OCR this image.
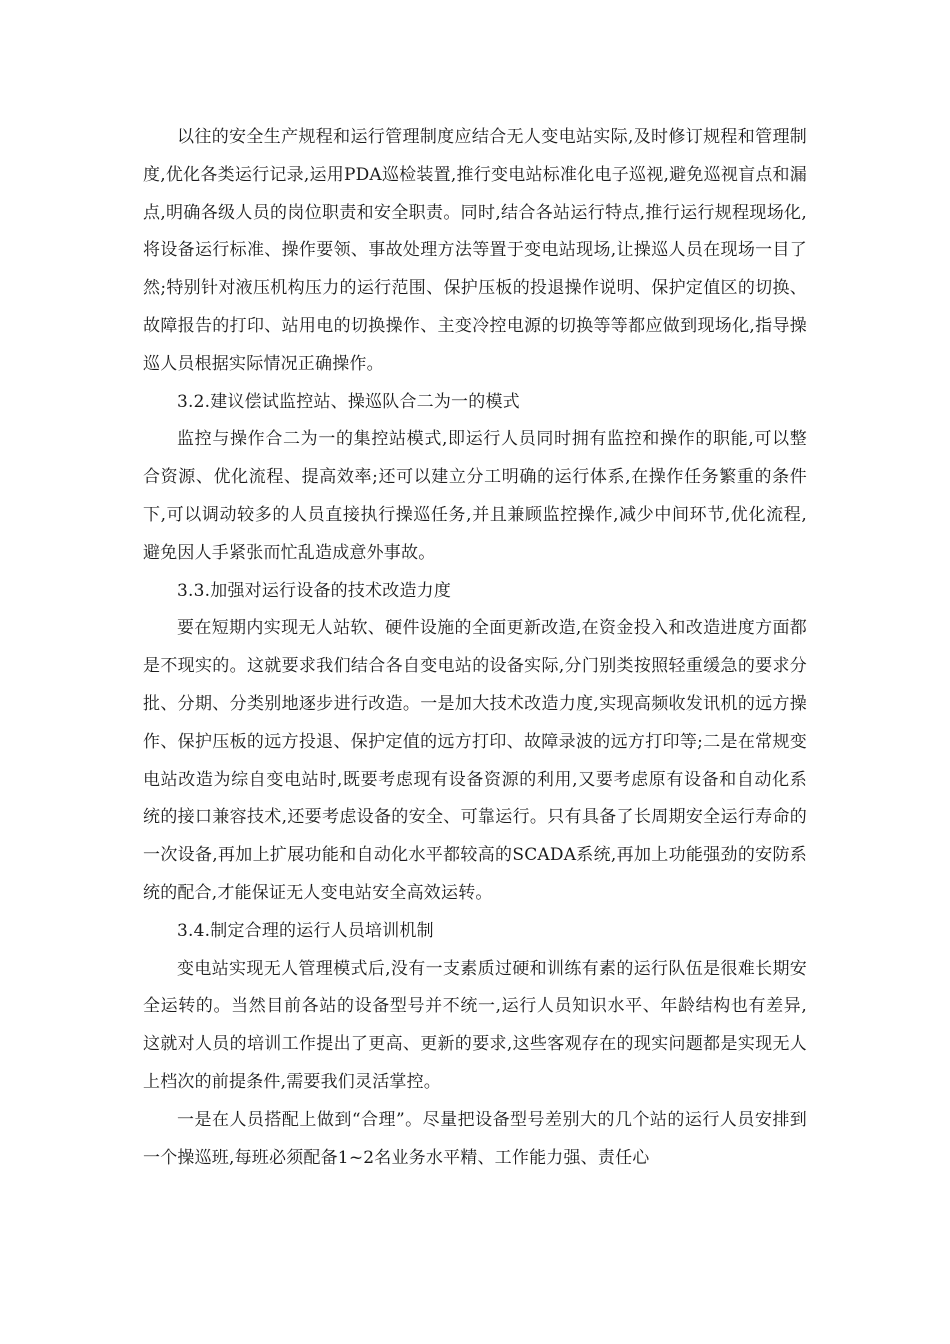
以往的安全生产规程和运行管理制度应结合无人变电站实际,及时修订规程和管理制度,优化各类运行记录,运用PDA巡检装置,推行变电站标准化电子巡视,避免巡视盲点和漏点,明确各级人员的岗位职责和安全职责。同时,结合各站运行特点,推行运行规程现场化,将设备运行标准、操作要领、事故处理方法等置于变电站现场,让操巡人员在现场一目了然;特别针对液压机构压力的运行范围、保护压板的投退操作说明、保护定值区的切换、故障报告的打印、站用电的切换操作、主变冷控电源的切换等等都应做到现场化,指导操巡人员根据实际情况正确操作。

3.2.建议偿试监控站、操巡队合二为一的模式

监控与操作合二为一的集控站模式,即运行人员同时拥有监控和操作的职能,可以整合资源、优化流程、提高效率;还可以建立分工明确的运行体系,在操作任务繁重的条件下,可以调动较多的人员直接执行操巡任务,并且兼顾监控操作,减少中间环节,优化流程,避免因人手紧张而忙乱造成意外事故。

3.3.加强对运行设备的技术改造力度

要在短期内实现无人站软、硬件设施的全面更新改造,在资金投入和改造进度方面都是不现实的。这就要求我们结合各自变电站的设备实际,分门别类按照轻重缓急的要求分批、分期、分类别地逐步进行改造。一是加大技术改造力度,实现高频收发讯机的远方操作、保护压板的远方投退、保护定值的远方打印、故障录波的远方打印等;二是在常规变电站改造为综自变电站时,既要考虑现有设备资源的利用,又要考虑原有设备和自动化系统的接口兼容技术,还要考虑设备的安全、可靠运行。只有具备了长周期安全运行寿命的一次设备,再加上扩展功能和自动化水平都较高的SCADA系统,再加上功能强劲的安防系统的配合,才能保证无人变电站安全高效运转。

3.4.制定合理的运行人员培训机制

变电站实现无人管理模式后,没有一支素质过硬和训练有素的运行队伍是很难长期安全运转的。当然目前各站的设备型号并不统一,运行人员知识水平、年龄结构也有差异,这就对人员的培训工作提出了更高、更新的要求,这些客观存在的现实问题都是实现无人上档次的前提条件,需要我们灵活掌控。

一是在人员搭配上做到“合理”。尽量把设备型号差别大的几个站的运行人员安排到一个操巡班,每班必须配备1~2名业务水平精、工作能力强、责任心
